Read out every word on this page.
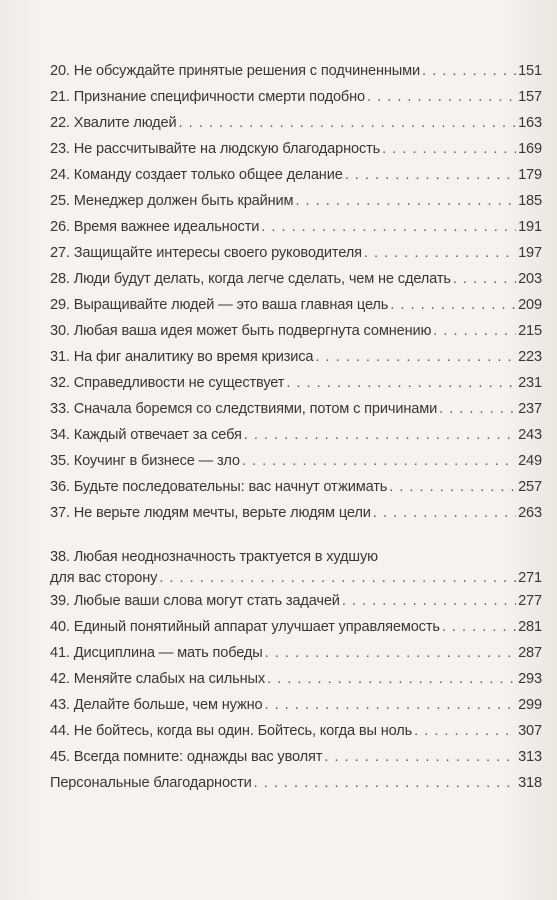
20. Не обсуждайте принятые решения с подчиненными . . .	151
21. Признание специфичности смерти подобно . . .	157
22. Хвалите людей . . .	163
23. Не рассчитывайте на людскую благодарность . . .	169
24. Команду создает только общее делание . . .	179
25. Менеджер должен быть крайним . . .	185
26. Время важнее идеальности . . .	191
27. Защищайте интересы своего руководителя . . .	197
28. Люди будут делать, когда легче сделать, чем не сделать . . .	203
29. Выращивайте людей — это ваша главная цель . . .	209
30. Любая ваша идея может быть подвергнута сомнению . . .	215
31. На фиг аналитику во время кризиса . . .	223
32. Справедливости не существует . . .	231
33. Сначала боремся со следствиями, потом с причинами . . .	237
34. Каждый отвечает за себя . . .	243
35. Коучинг в бизнесе — зло . . .	249
36. Будьте последовательны: вас начнут отжимать . . .	257
37. Не верьте людям мечты, верьте людям цели . . .	263
38. Любая неоднозначность трактуется в худшую
для вас сторону . . .	271
39. Любые ваши слова могут стать задачей . . .	277
40. Единый понятийный аппарат улучшает управляемость . . .	281
41. Дисциплина — мать победы . . .	287
42. Меняйте слабых на сильных . . .	293
43. Делайте больше, чем нужно . . .	299
44. Не бойтесь, когда вы один. Бойтесь, когда вы ноль . . .	307
45. Всегда помните: однажды вас уволят . . .	313
Персональные благодарности . . .	318
